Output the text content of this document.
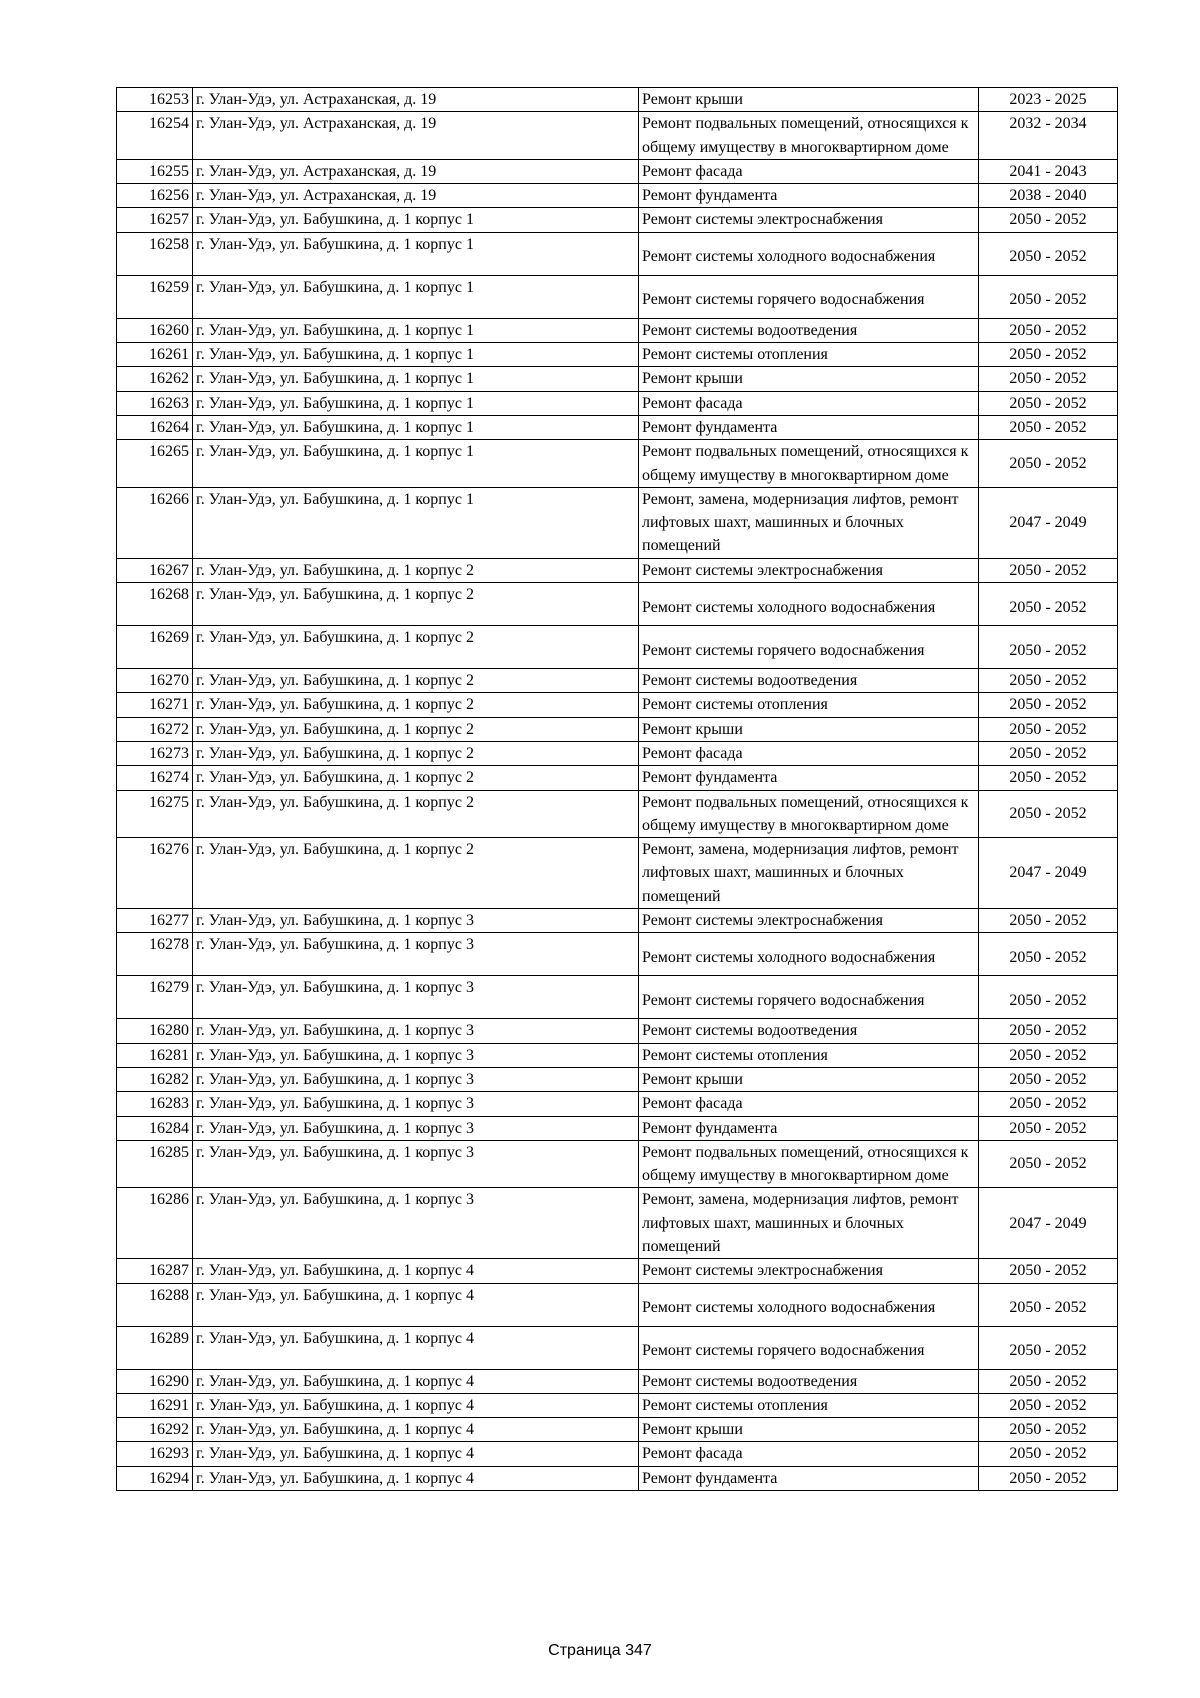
16253	г. Улан-Удэ, ул. Астраханская, д. 19	Ремонт крыши	2023 - 2025
16254	г. Улан-Удэ, ул. Астраханская, д. 19	Ремонт подвальных помещений, относящихся к общему имуществу в многоквартирном доме	2032 - 2034
16255	г. Улан-Удэ, ул. Астраханская, д. 19	Ремонт фасада	2041 - 2043
16256	г. Улан-Удэ, ул. Астраханская, д. 19	Ремонт фундамента	2038 - 2040
16257	г. Улан-Удэ, ул. Бабушкина, д. 1 корпус 1	Ремонт системы электроснабжения	2050 - 2052
16258	г. Улан-Удэ, ул. Бабушкина, д. 1 корпус 1	Ремонт системы холодного водоснабжения	2050 - 2052
16259	г. Улан-Удэ, ул. Бабушкина, д. 1 корпус 1	Ремонт системы горячего водоснабжения	2050 - 2052
16260	г. Улан-Удэ, ул. Бабушкина, д. 1 корпус 1	Ремонт системы водоотведения	2050 - 2052
16261	г. Улан-Удэ, ул. Бабушкина, д. 1 корпус 1	Ремонт системы отопления	2050 - 2052
16262	г. Улан-Удэ, ул. Бабушкина, д. 1 корпус 1	Ремонт крыши	2050 - 2052
16263	г. Улан-Удэ, ул. Бабушкина, д. 1 корпус 1	Ремонт фасада	2050 - 2052
16264	г. Улан-Удэ, ул. Бабушкина, д. 1 корпус 1	Ремонт фундамента	2050 - 2052
16265	г. Улан-Удэ, ул. Бабушкина, д. 1 корпус 1	Ремонт подвальных помещений, относящихся к общему имуществу в многоквартирном доме	2050 - 2052
16266	г. Улан-Удэ, ул. Бабушкина, д. 1 корпус 1	Ремонт, замена, модернизация лифтов, ремонт лифтовых шахт, машинных и блочных помещений	2047 - 2049
16267	г. Улан-Удэ, ул. Бабушкина, д. 1 корпус 2	Ремонт системы электроснабжения	2050 - 2052
16268	г. Улан-Удэ, ул. Бабушкина, д. 1 корпус 2	Ремонт системы холодного водоснабжения	2050 - 2052
16269	г. Улан-Удэ, ул. Бабушкина, д. 1 корпус 2	Ремонт системы горячего водоснабжения	2050 - 2052
16270	г. Улан-Удэ, ул. Бабушкина, д. 1 корпус 2	Ремонт системы водоотведения	2050 - 2052
16271	г. Улан-Удэ, ул. Бабушкина, д. 1 корпус 2	Ремонт системы отопления	2050 - 2052
16272	г. Улан-Удэ, ул. Бабушкина, д. 1 корпус 2	Ремонт крыши	2050 - 2052
16273	г. Улан-Удэ, ул. Бабушкина, д. 1 корпус 2	Ремонт фасада	2050 - 2052
16274	г. Улан-Удэ, ул. Бабушкина, д. 1 корпус 2	Ремонт фундамента	2050 - 2052
16275	г. Улан-Удэ, ул. Бабушкина, д. 1 корпус 2	Ремонт подвальных помещений, относящихся к общему имуществу в многоквартирном доме	2050 - 2052
16276	г. Улан-Удэ, ул. Бабушкина, д. 1 корпус 2	Ремонт, замена, модернизация лифтов, ремонт лифтовых шахт, машинных и блочных помещений	2047 - 2049
16277	г. Улан-Удэ, ул. Бабушкина, д. 1 корпус 3	Ремонт системы электроснабжения	2050 - 2052
16278	г. Улан-Удэ, ул. Бабушкина, д. 1 корпус 3	Ремонт системы холодного водоснабжения	2050 - 2052
16279	г. Улан-Удэ, ул. Бабушкина, д. 1 корпус 3	Ремонт системы горячего водоснабжения	2050 - 2052
16280	г. Улан-Удэ, ул. Бабушкина, д. 1 корпус 3	Ремонт системы водоотведения	2050 - 2052
16281	г. Улан-Удэ, ул. Бабушкина, д. 1 корпус 3	Ремонт системы отопления	2050 - 2052
16282	г. Улан-Удэ, ул. Бабушкина, д. 1 корпус 3	Ремонт крыши	2050 - 2052
16283	г. Улан-Удэ, ул. Бабушкина, д. 1 корпус 3	Ремонт фасада	2050 - 2052
16284	г. Улан-Удэ, ул. Бабушкина, д. 1 корпус 3	Ремонт фундамента	2050 - 2052
16285	г. Улан-Удэ, ул. Бабушкина, д. 1 корпус 3	Ремонт подвальных помещений, относящихся к общему имуществу в многоквартирном доме	2050 - 2052
16286	г. Улан-Удэ, ул. Бабушкина, д. 1 корпус 3	Ремонт, замена, модернизация лифтов, ремонт лифтовых шахт, машинных и блочных помещений	2047 - 2049
16287	г. Улан-Удэ, ул. Бабушкина, д. 1 корпус 4	Ремонт системы электроснабжения	2050 - 2052
16288	г. Улан-Удэ, ул. Бабушкина, д. 1 корпус 4	Ремонт системы холодного водоснабжения	2050 - 2052
16289	г. Улан-Удэ, ул. Бабушкина, д. 1 корпус 4	Ремонт системы горячего водоснабжения	2050 - 2052
16290	г. Улан-Удэ, ул. Бабушкина, д. 1 корпус 4	Ремонт системы водоотведения	2050 - 2052
16291	г. Улан-Удэ, ул. Бабушкина, д. 1 корпус 4	Ремонт системы отопления	2050 - 2052
16292	г. Улан-Удэ, ул. Бабушкина, д. 1 корпус 4	Ремонт крыши	2050 - 2052
16293	г. Улан-Удэ, ул. Бабушкина, д. 1 корпус 4	Ремонт фасада	2050 - 2052
16294	г. Улан-Удэ, ул. Бабушкина, д. 1 корпус 4	Ремонт фундамента	2050 - 2052
Страница 347
